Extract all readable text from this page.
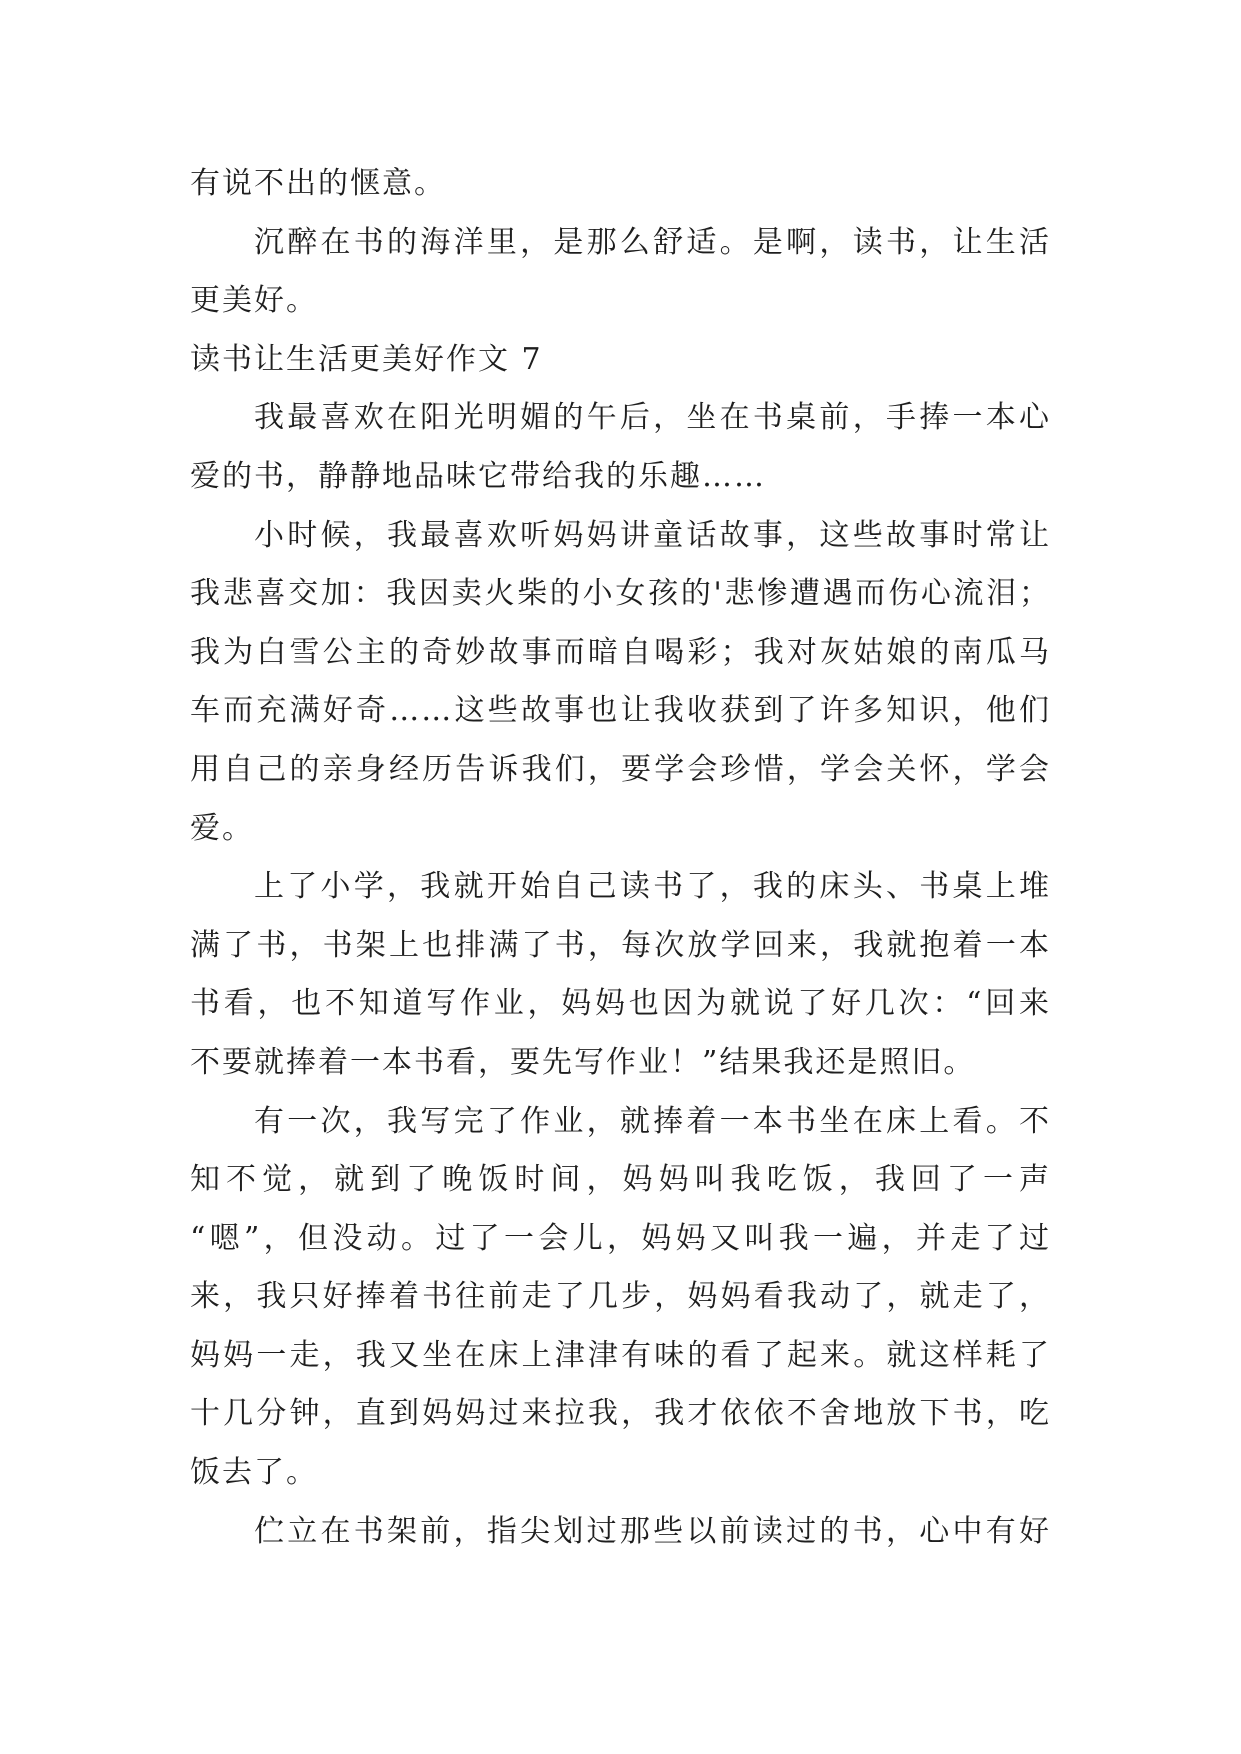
有说不出的惬意。
沉醉在书的海洋里，是那么舒适。是啊，读书，让生活
更美好。
读书让生活更美好作文 7
我最喜欢在阳光明媚的午后，坐在书桌前，手捧一本心
爱的书，静静地品味它带给我的乐趣……
小时候，我最喜欢听妈妈讲童话故事，这些故事时常让
我悲喜交加：我因卖火柴的小女孩的'悲惨遭遇而伤心流泪；
我为白雪公主的奇妙故事而暗自喝彩；我对灰姑娘的南瓜马
车而充满好奇……这些故事也让我收获到了许多知识，他们
用自己的亲身经历告诉我们，要学会珍惜，学会关怀，学会
爱。
上了小学，我就开始自己读书了，我的床头、书桌上堆
满了书，书架上也排满了书，每次放学回来，我就抱着一本
书看，也不知道写作业，妈妈也因为就说了好几次：“回来
不要就捧着一本书看，要先写作业！”结果我还是照旧。
有一次，我写完了作业，就捧着一本书坐在床上看。不
知不觉，就到了晚饭时间，妈妈叫我吃饭，我回了一声
“嗯”，但没动。过了一会儿，妈妈又叫我一遍，并走了过
来，我只好捧着书往前走了几步，妈妈看我动了，就走了，
妈妈一走，我又坐在床上津津有味的看了起来。就这样耗了
十几分钟，直到妈妈过来拉我，我才依依不舍地放下书，吃
饭去了。
伫立在书架前，指尖划过那些以前读过的书，心中有好
